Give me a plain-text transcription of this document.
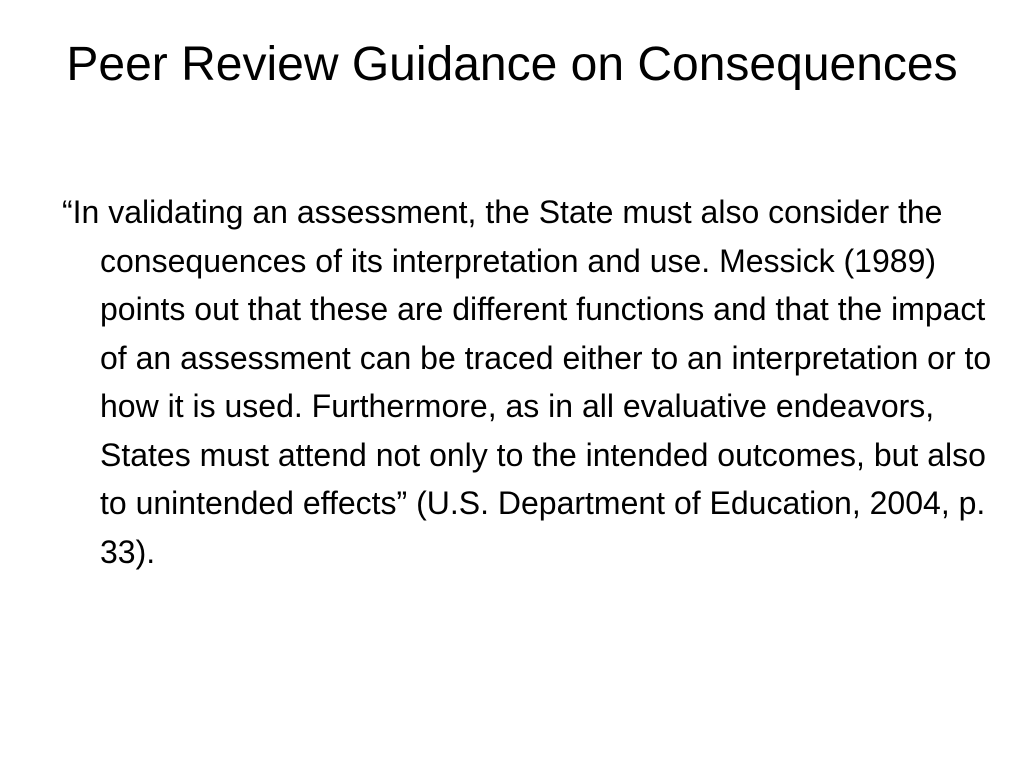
Peer Review Guidance on Consequences

“In validating an assessment, the State must also consider the consequences of its interpretation and use. Messick (1989) points out that these are different functions and that the impact of an assessment can be traced either to an interpretation or to how it is used. Furthermore, as in all evaluative endeavors, States must attend not only to the intended outcomes, but also to unintended effects” (U.S. Department of Education, 2004, p. 33).
